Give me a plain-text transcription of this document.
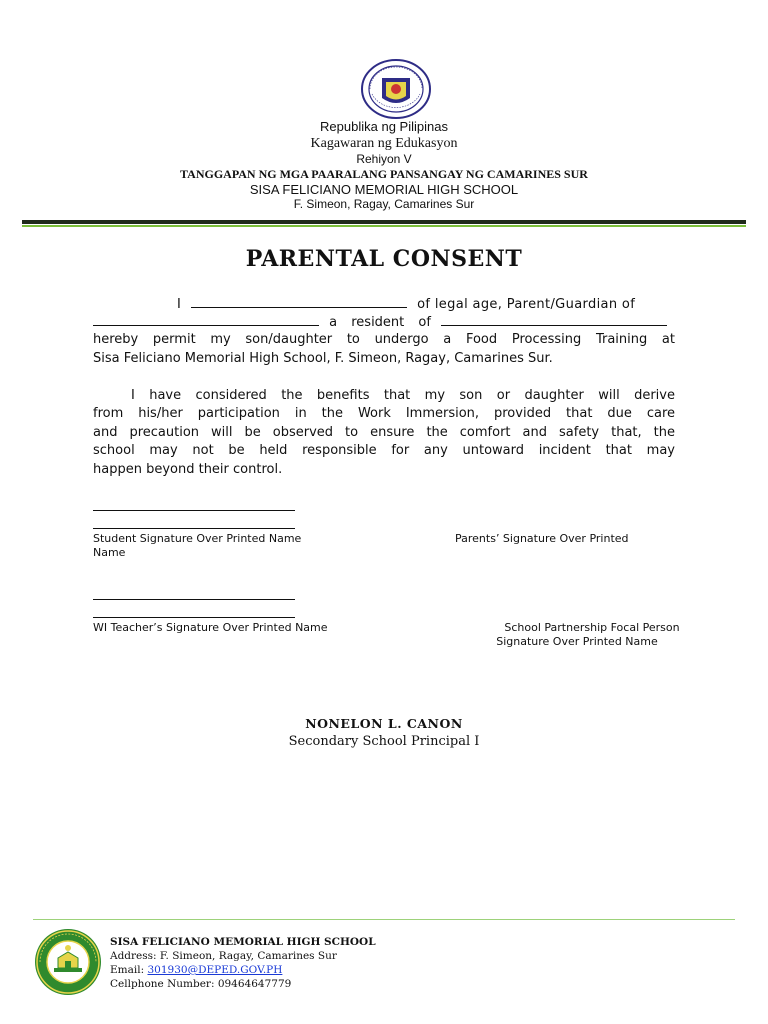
Republika ng Pilipinas
Kagawaran ng Edukasyon
Rehiyon V
TANGGAPAN NG MGA PAARALANG PANSANGAY NG CAMARINES SUR
SISA FELICIANO MEMORIAL HIGH SCHOOL
F. Simeon, Ragay, Camarines Sur
PARENTAL CONSENT
I	of legal age, Parent/Guardian of
a resident of
hereby permit my son/daughter to undergo a Food Processing Training at
Sisa Feliciano Memorial High School, F. Simeon, Ragay, Camarines Sur.
I have considered the benefits that my son or daughter will derive
from his/her participation in the Work Immersion, provided that due care
and precaution will be observed to ensure the comfort and safety that, the
school may not be held responsible for any untoward incident that may
happen beyond their control.
Student Signature Over Printed Name
Name
Parents’ Signature Over Printed
WI Teacher’s Signature Over Printed Name	School Partnership Focal Person
Signature Over Printed Name
NONELON L. CANON
Secondary School Principal I
SISA FELICIANO MEMORIAL HIGH SCHOOL
Address: F. Simeon, Ragay, Camarines Sur
Email: 301930@DEPED.GOV.PH
Cellphone Number: 09464647779
